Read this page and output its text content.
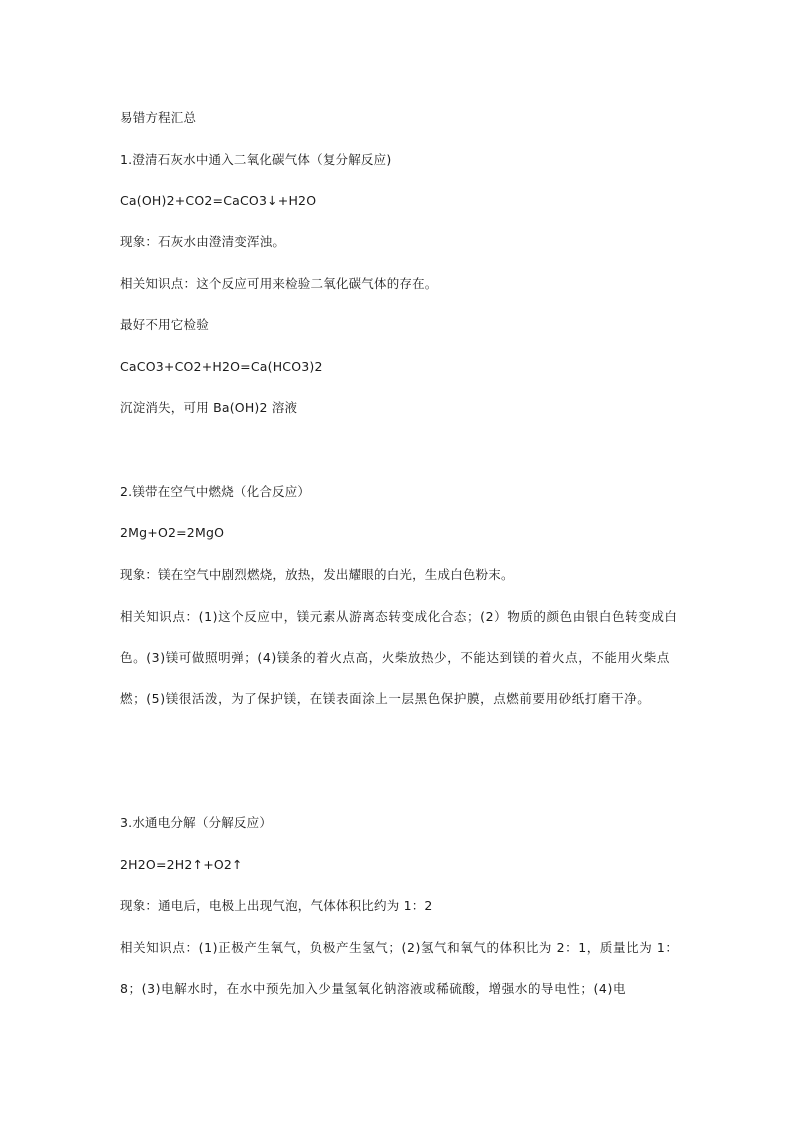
易错方程汇总
1.澄清石灰水中通入二氧化碳气体（复分解反应)
Ca(OH)2+CO2=CaCO3↓+H2O
现象：石灰水由澄清变浑浊。
相关知识点：这个反应可用来检验二氧化碳气体的存在。
最好不用它检验
CaCO3+CO2+H2O=Ca(HCO3)2
沉淀消失，可用 Ba(OH)2 溶液
2.镁带在空气中燃烧（化合反应）
2Mg+O2=2MgO
现象：镁在空气中剧烈燃烧，放热，发出耀眼的白光，生成白色粉末。
相关知识点：(1)这个反应中，镁元素从游离态转变成化合态；(2）物质的颜色由银白色转变成白色。(3)镁可做照明弹；(4)镁条的着火点高，火柴放热少，不能达到镁的着火点，不能用火柴点燃；(5)镁很活泼，为了保护镁，在镁表面涂上一层黑色保护膜，点燃前要用砂纸打磨干净。
3.水通电分解（分解反应）
2H2O=2H2↑+O2↑
现象：通电后，电极上出现气泡，气体体积比约为 1：2
相关知识点：(1)正极产生氧气，负极产生氢气；(2)氢气和氧气的体积比为 2：1，质量比为 1：8；(3)电解水时，在水中预先加入少量氢氧化钠溶液或稀硫酸，增强水的导电性；(4)电
